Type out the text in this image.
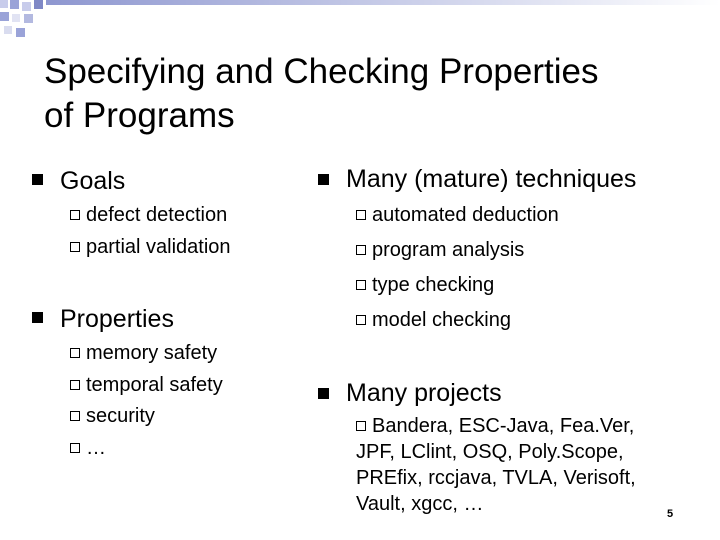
Specifying and Checking Properties
of Programs
Goals
defect detection
partial validation
Properties
memory safety
temporal safety
security
…
Many (mature) techniques
automated deduction
program analysis
type checking
model checking
Many projects
Bandera, ESC-Java, Fea.Ver,
JPF, LClint, OSQ, Poly.Scope,
PREfix, rccjava, TVLA, Verisoft,
Vault, xgcc, …	5
